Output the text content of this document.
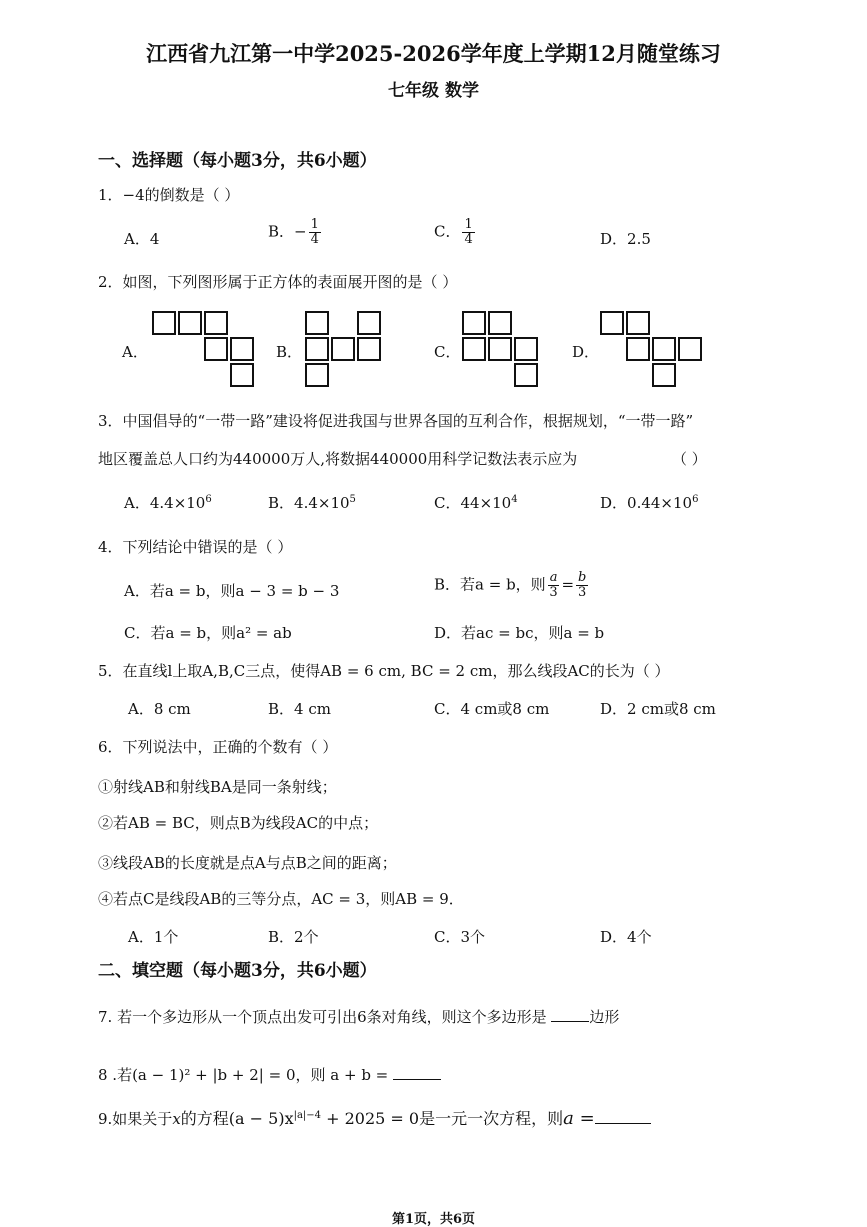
江西省九江第一中学2025-2026学年度上学期12月随堂练习
七年级 数学
一、选择题（每小题3分，共6小题）
1．−4的倒数是（ ）
A．4	B．− $\frac{1}{4}$	C． $\frac{1}{4}$	D．2.5
2．如图，下列图形属于正方体的表面展开图的是（ ）
A．	B．	C．	D．
3．中国倡导的“一带一路”建设将促进我国与世界各国的互利合作，根据规划，“一带一路”
地区覆盖总人口约为440000万人,将数据440000用科学记数法表示应为	（ ）
A．$4.4\times 10^6$	B．$4.4\times 10^5$	C．$44\times 10^4$	D．$0.44\times 10^6$
4．下列结论中错误的是（ ）
A．若a = b，则a − 3 = b − 3	B．若a = b，则 $\frac{a}{3} = \frac{b}{3}$
C．若a = b，则a² = ab	D．若ac = bc，则a = b
5．在直线l上取A,B,C三点，使得AB = 6 cm, BC = 2 cm，那么线段AC的长为（ ）
A．8 cm	B．4 cm	C．4 cm或8 cm	D．2 cm或8 cm
6．下列说法中，正确的个数有（ ）
①射线AB和射线BA是同一条射线；
②若AB = BC，则点B为线段AC的中点；
③线段AB的长度就是点A与点B之间的距离；
④若点C是线段AB的三等分点，AC = 3，则AB = 9．
A．1个	B．2个	C．3个	D．4个
二、填空题（每小题3分，共6小题）
7. 若一个多边形从一个顶点出发可引出6条对角线，则这个多边形是	边形
8 .若(a − 1)² + |b + 2| = 0，则 a + b =
9.如果关于x的方程$(a - 5)x^{|a|-4} + 2025 = 0$是一元一次方程，则a =
第1页，共6页
